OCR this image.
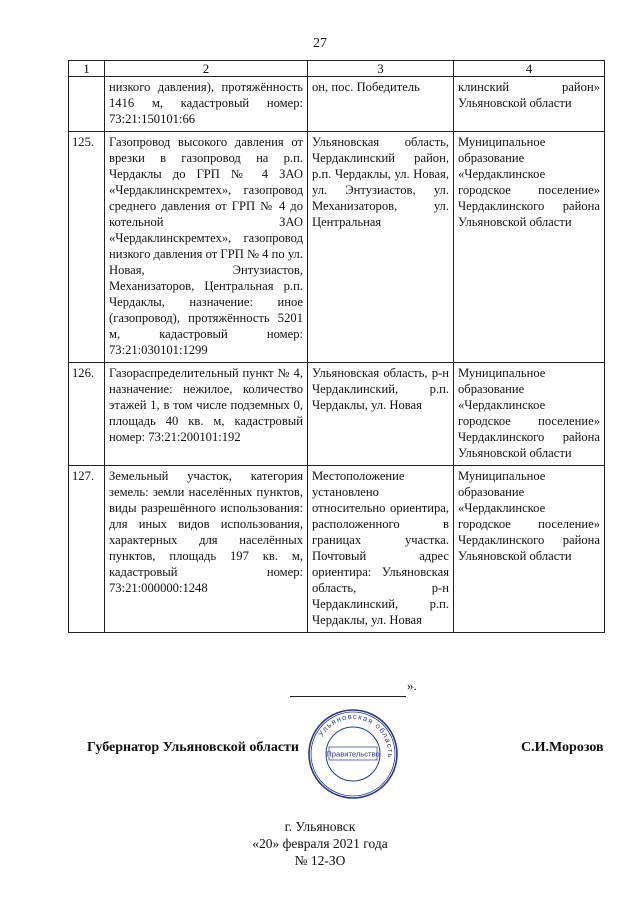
27
1	2	3	4
	низкого давления), протяжённость 1416 м, кадастровый номер: 73:21:150101:66	он, пос. Победитель	клинский район» Ульяновской области
125.	Газопровод высокого давления от врезки в газопровод на р.п. Чердаклы до ГРП № 4 ЗАО «Чердаклинскремтех», газопровод среднего давления от ГРП № 4 до котельной ЗАО «Чердаклинскремтех», газопровод низкого давления от ГРП № 4 по ул. Новая, Энтузиастов, Механизаторов, Центральная р.п. Чердаклы, назначение: иное (газопровод), протяжённость 5201 м, кадастровый номер: 73:21:030101:1299	Ульяновская область, Чердаклинский район, р.п. Чердаклы, ул. Новая, ул. Энтузиастов, ул. Механизаторов, ул. Центральная	Муниципальное образование «Чердаклинское городское поселение» Чердаклинского района Ульяновской области
126.	Газораспределительный пункт № 4, назначение: нежилое, количество этажей 1, в том числе подземных 0, площадь 40 кв. м, кадастровый номер: 73:21:200101:192	Ульяновская область, р-н Чердаклинский, р.п. Чердаклы, ул. Новая	Муниципальное образование «Чердаклинское городское поселение» Чердаклинского района Ульяновской области
127.	Земельный участок, категория земель: земли населённых пунктов, виды разрешённого использования: для иных видов использования, характерных для населённых пунктов, площадь 197 кв. м, кадастровый номер: 73:21:000000:1248	Местоположение установлено относительно ориентира, расположенного в границах участка. Почтовый адрес ориентира: Ульяновская область, р-н Чердаклинский, р.п. Чердаклы, ул. Новая	Муниципальное образование «Чердаклинское городское поселение» Чердаклинского района Ульяновской области
».
Ульяновская область
Правительство
Губернатор Ульяновской области	С.И.Морозов
г. Ульяновск
«20» февраля 2021 года
№ 12-ЗО
